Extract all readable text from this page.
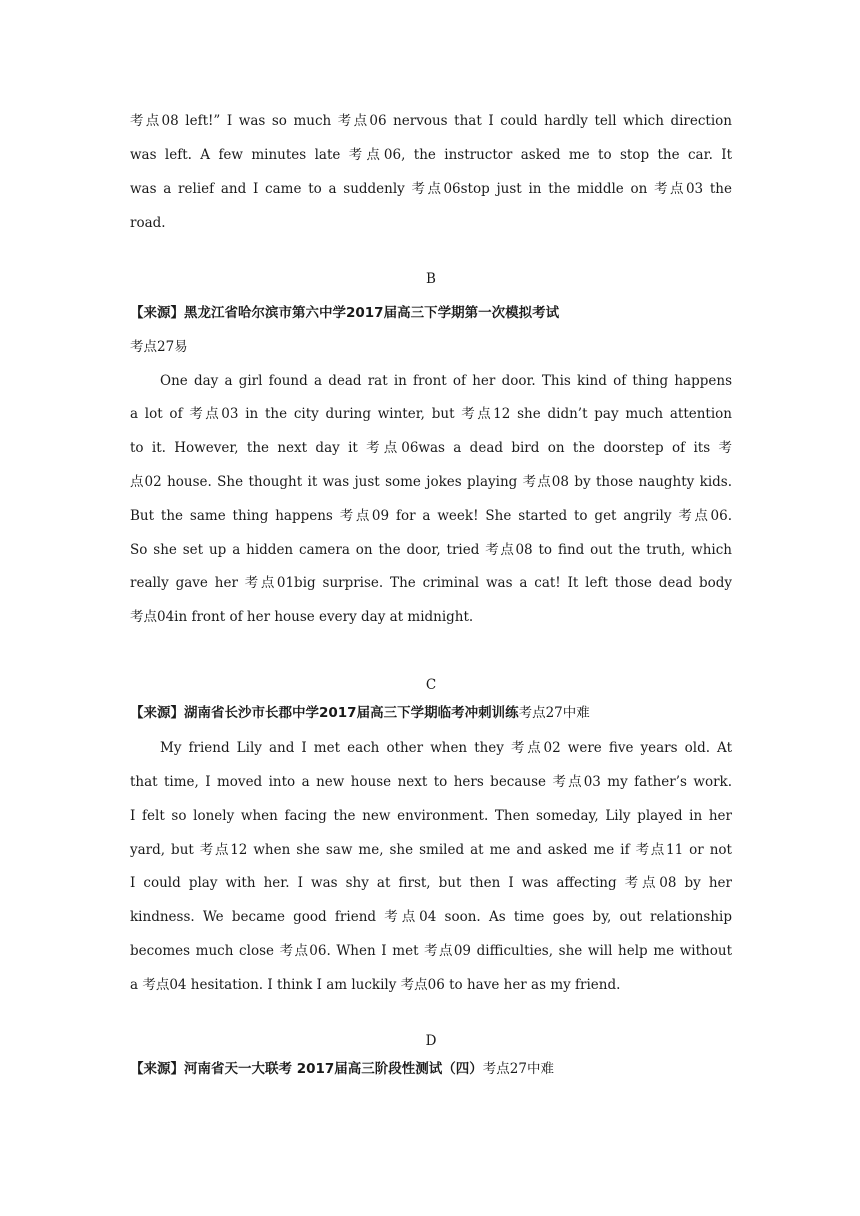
考点08 left!” I was so much 考点06 nervous that I could hardly tell which direction
was left. A few minutes late 考点06, the instructor asked me to stop the car. It
was a relief and I came to a suddenly 考点06stop just in the middle on 考点03 the
road.
B
【来源】黑龙江省哈尔滨市第六中学2017届高三下学期第一次模拟考试
考点27易
One day a girl found a dead rat in front of her door. This kind of thing happens
a lot of 考点03 in the city during winter, but 考点12 she didn’t pay much attention
to it. However, the next day it 考点06was a dead bird on the doorstep of its 考
点02 house. She thought it was just some jokes playing 考点08 by those naughty kids.
But the same thing happens 考点09 for a week! She started to get angrily 考点06.
So she set up a hidden camera on the door, tried 考点08 to find out the truth, which
really gave her 考点01big surprise. The criminal was a cat! It left those dead body
考点04in front of her house every day at midnight.
C
【来源】湖南省长沙市长郡中学2017届高三下学期临考冲刺训练考点27中难
My friend Lily and I met each other when they 考点02 were five years old. At
that time, I moved into a new house next to hers because 考点03 my father’s work.
I felt so lonely when facing the new environment. Then someday, Lily played in her
yard, but 考点12 when she saw me, she smiled at me and asked me if 考点11 or not
I could play with her. I was shy at first, but then I was affecting 考点08 by her
kindness. We became good friend 考点04 soon. As time goes by, out relationship
becomes much close 考点06. When I met 考点09 difficulties, she will help me without
a 考点04 hesitation. I think I am luckily 考点06 to have her as my friend.
D
【来源】河南省天一大联考 2017届高三阶段性测试（四）考点27中难
